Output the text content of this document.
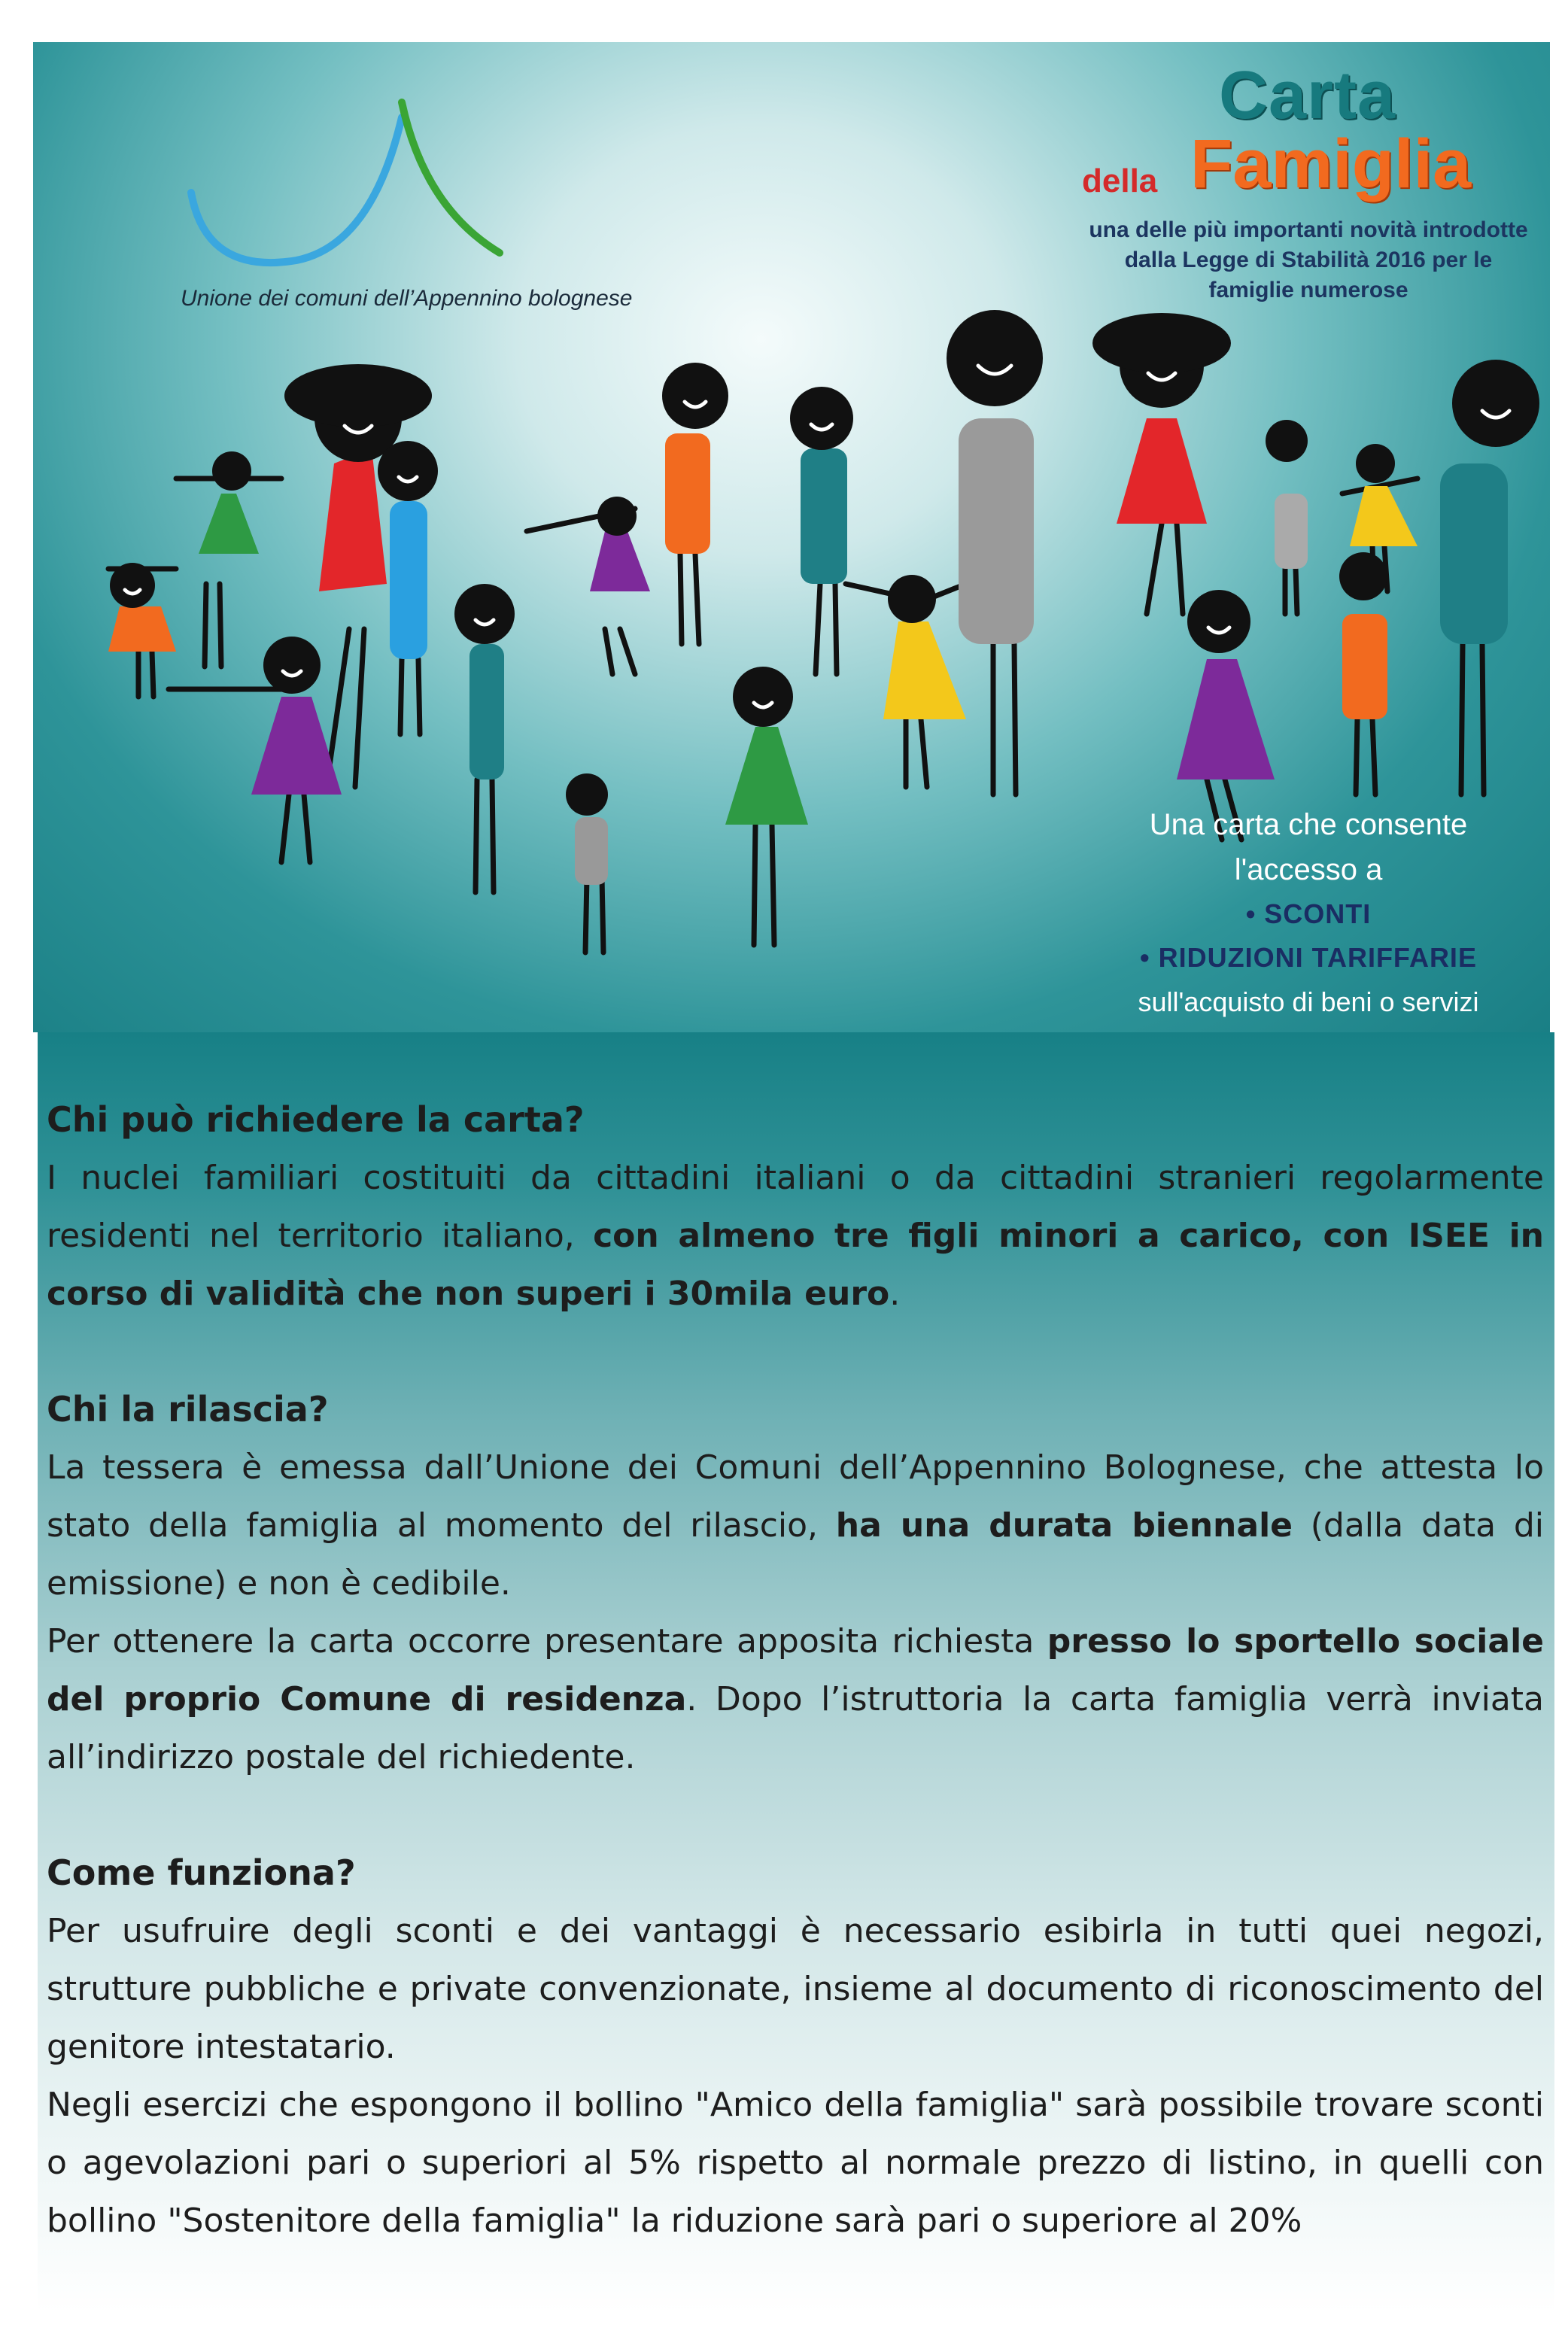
Unione dei comuni dell’Appennino bolognese
Carta
della Famiglia
una delle più importanti novità introdotte
dalla Legge di Stabilità 2016 per le
famiglie numerose
Una carta che consente
l'accesso a
• SCONTI
• RIDUZIONI TARIFFARIE
sull'acquisto di beni o servizi
Chi può richiedere la carta?

I nuclei familiari costituiti da cittadini italiani o da cittadini stranieri regolarmente residenti nel territorio italiano, con almeno tre figli minori a carico, con ISEE in corso di validità che non superi i 30mila euro.

Chi la rilascia?

La tessera è emessa dall’Unione dei Comuni dell’Appennino Bolognese, che attesta lo stato della famiglia al momento del rilascio, ha una durata biennale (dalla data di emissione) e non è cedibile.

Per ottenere la carta occorre presentare apposita richiesta presso lo sportello sociale del proprio Comune di residenza. Dopo l’istruttoria la carta famiglia verrà inviata all’indirizzo postale del richiedente.

Come funziona?

Per usufruire degli sconti e dei vantaggi è necessario esibirla in tutti quei negozi, strutture pubbliche e private convenzionate, insieme al documento di riconoscimento del genitore intestatario.

Negli esercizi che espongono il bollino "Amico della famiglia" sarà possibile trovare sconti o agevolazioni pari o superiori al 5% rispetto al normale prezzo di listino, in quelli con bollino "Sostenitore della famiglia" la riduzione sarà pari o superiore al 20%
